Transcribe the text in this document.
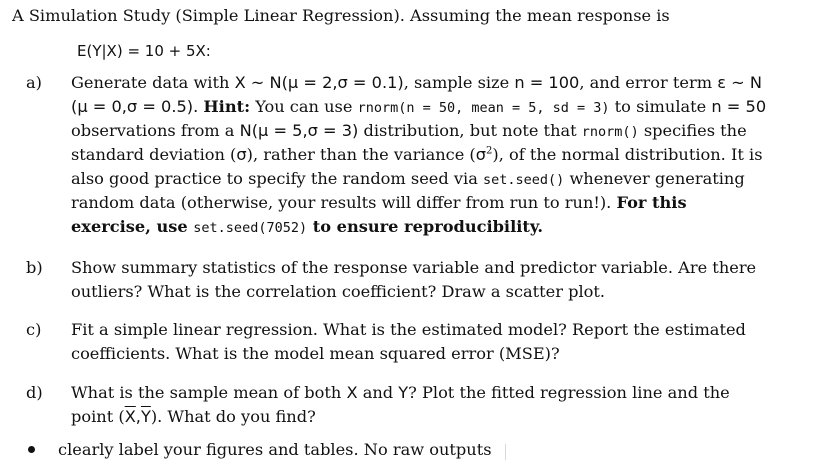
A Simulation Study (Simple Linear Regression). Assuming the mean response is
E(Y|X) = 10 + 5X:
a) Generate data with X ~ N(μ = 2,σ = 0.1), sample size n = 100, and error term ε ~ N
(μ = 0,σ = 0.5). Hint: You can use rnorm(n = 50, mean = 5, sd = 3) to simulate n = 50
observations from a N(μ = 5,σ = 3) distribution, but note that rnorm() specifies the
standard deviation (σ), rather than the variance $(\sigma^2)$, of the normal distribution. It is
also good practice to specify the random seed via set.seed() whenever generating
random data (otherwise, your results will differ from run to run!). For this
exercise, use set.seed(7052) to ensure reproducibility.
b) Show summary statistics of the response variable and predictor variable. Are there
outliers? What is the correlation coefficient? Draw a scatter plot.
c) Fit a simple linear regression. What is the estimated model? Report the estimated
coefficients. What is the model mean squared error (MSE)?
d) What is the sample mean of both X and Y? Plot the fitted regression line and the
point $(\overline{X},\overline{Y})$. What do you find?
clearly label your figures and tables. No raw outputs
